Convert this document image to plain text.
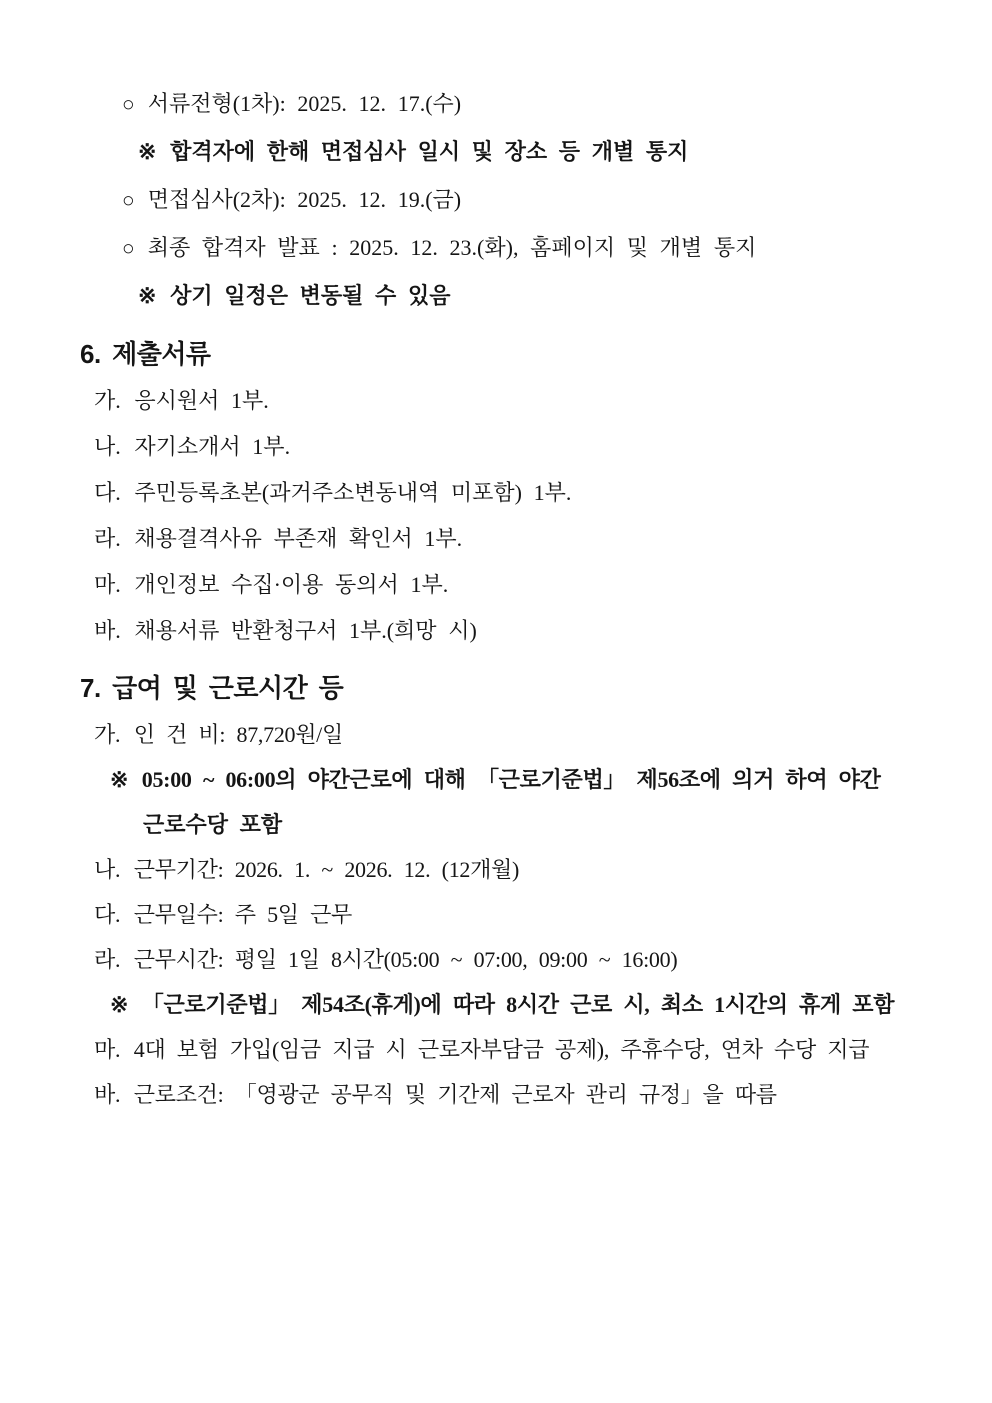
○ 서류전형(1차): 2025. 12. 17.(수)
※ 합격자에 한해 면접심사 일시 및 장소 등 개별 통지
○ 면접심사(2차): 2025. 12. 19.(금)
○ 최종 합격자 발표 : 2025. 12. 23.(화), 홈페이지 및 개별 통지
※ 상기 일정은 변동될 수 있음
6. 제출서류
가. 응시원서 1부.
나. 자기소개서 1부.
다. 주민등록초본(과거주소변동내역 미포함) 1부.
라. 채용결격사유 부존재 확인서 1부.
마. 개인정보 수집·이용 동의서 1부.
바. 채용서류 반환청구서 1부.(희망 시)
7. 급여 및 근로시간 등
가. 인 건 비: 87,720원/일
※ 05:00 ~ 06:00의 야간근로에 대해 「근로기준법」 제56조에 의거 하여 야간
근로수당 포함
나. 근무기간: 2026. 1. ~ 2026. 12. (12개월)
다. 근무일수: 주 5일 근무
라. 근무시간: 평일 1일 8시간(05:00 ~ 07:00, 09:00 ~ 16:00)
※ 「근로기준법」 제54조(휴게)에 따라 8시간 근로 시, 최소 1시간의 휴게 포함
마. 4대 보험 가입(임금 지급 시 근로자부담금 공제), 주휴수당, 연차 수당 지급
바. 근로조건: 「영광군 공무직 및 기간제 근로자 관리 규정」을 따름
